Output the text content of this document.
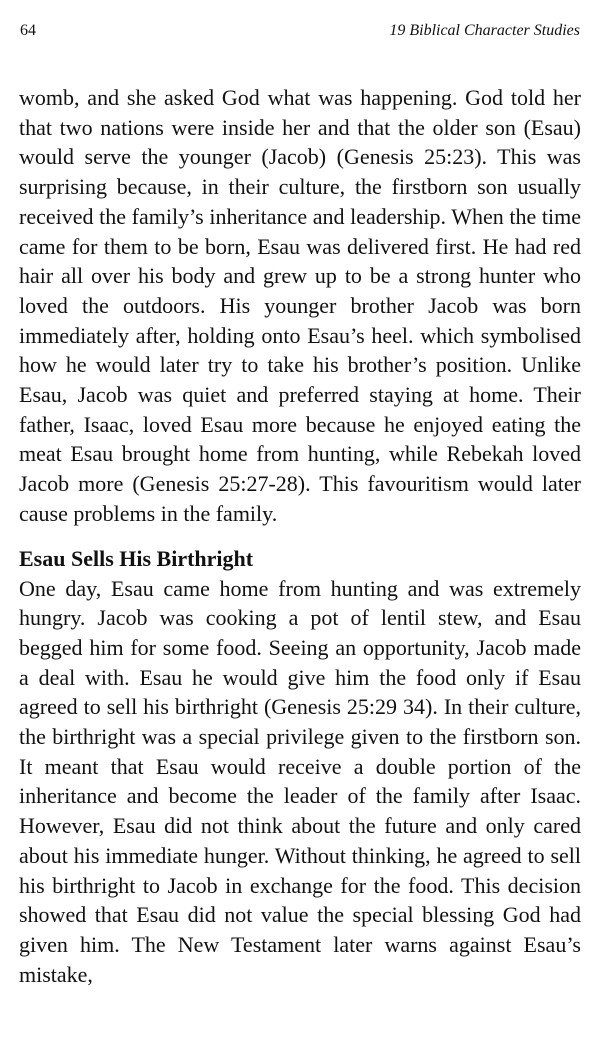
64	19 Biblical Character Studies

womb, and she asked God what was happening. God told her that two nations were inside her and that the older son (Esau) would serve the younger (Jacob) (Genesis 25:23). This was surprising because, in their culture, the firstborn son usually received the family’s inheritance and leadership. When the time came for them to be born, Esau was delivered first. He had red hair all over his body and grew up to be a strong hunter who loved the outdoors. His younger brother Jacob was born immediately after, holding onto Esau’s heel. which symbolised how he would later try to take his brother’s position. Unlike Esau, Jacob was quiet and preferred staying at home. Their father, Isaac, loved Esau more because he enjoyed eating the meat Esau brought home from hunting, while Rebekah loved Jacob more (Genesis 25:27-28). This favouritism would later cause problems in the family.

Esau Sells His Birthright

One day, Esau came home from hunting and was extremely hungry. Jacob was cooking a pot of lentil stew, and Esau begged him for some food. Seeing an opportunity, Jacob made a deal with. Esau he would give him the food only if Esau agreed to sell his birthright (Genesis 25:29 34). In their culture, the birthright was a special privilege given to the firstborn son. It meant that Esau would receive a double portion of the inheritance and become the leader of the family after Isaac. However, Esau did not think about the future and only cared about his immediate hunger. Without thinking, he agreed to sell his birthright to Jacob in exchange for the food. This decision showed that Esau did not value the special blessing God had given him. The New Testament later warns against Esau’s mistake,
